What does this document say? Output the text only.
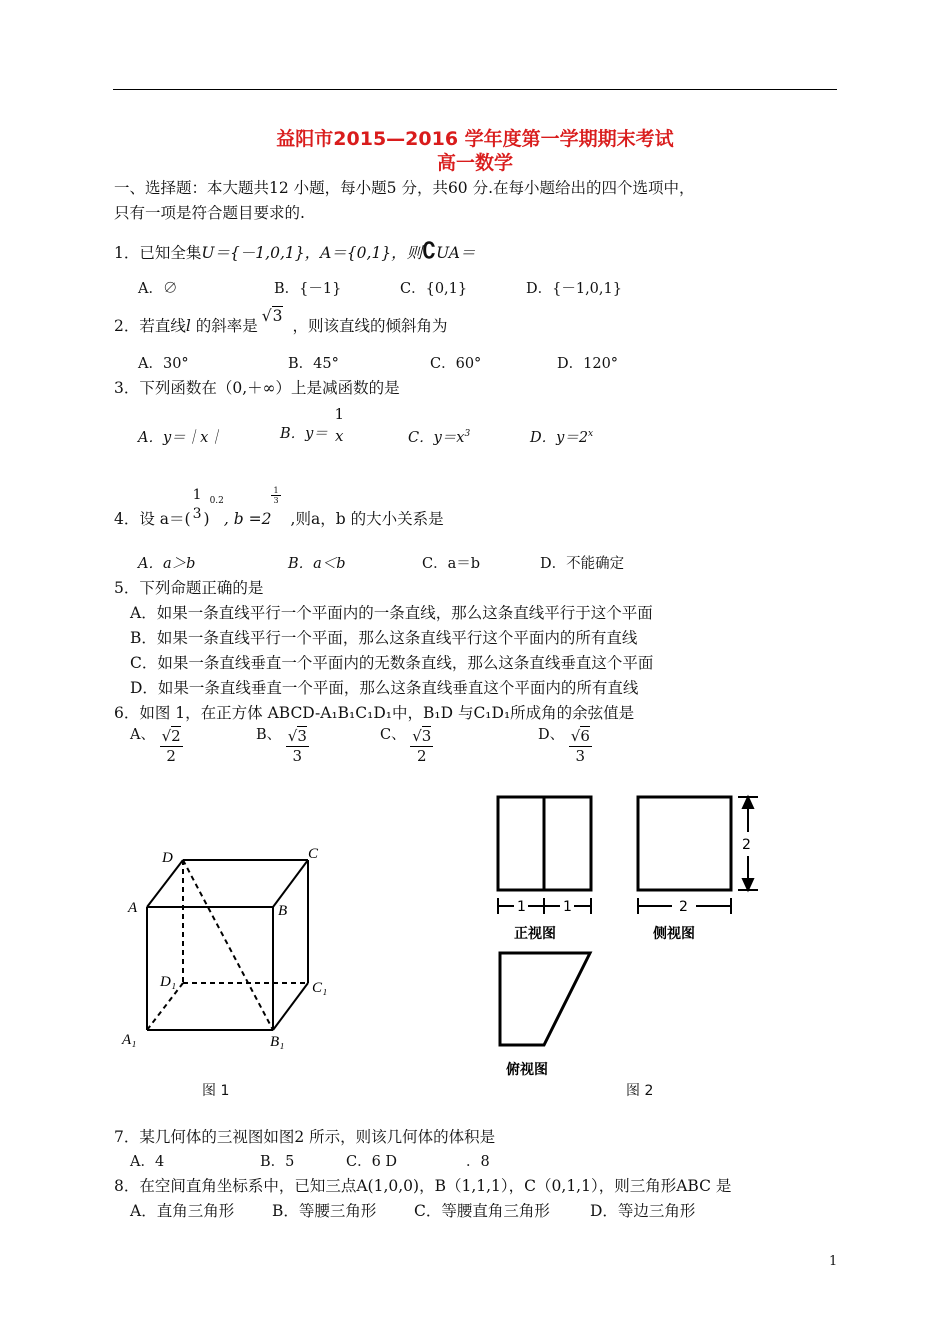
益阳市2015—2016 学年度第一学期期末考试
高一数学
一、选择题：本大题共12 小题，每小题5 分，共60 分.在每小题给出的四个选项中，
只有一项是符合题目要求的.
1．已知全集U＝{－1,0,1}，A＝{0,1}，则∁UA＝
A．∅	B．{－1}	C．{0,1}	D．{－1,0,1}
2．若直线l 的斜率是√3，则该直线的倾斜角为
A．30°	B．45°	C．60°	D．120°
3．下列函数在（0,＋∞）上是减函数的是
A．y＝｜x｜	B．y＝
1
x	C．$y=x^3$	D．$y=2^x$
4．设 a＝(
1
3 )$^{0.2}$, b =2
$\frac{1}{3}$
,则a，b 的大小关系是
A．a＞b	B．a＜b	C．a＝b	D．不能确定
5．下列命题正确的是
A．如果一条直线平行一个平面内的一条直线，那么这条直线平行于这个平面
B．如果一条直线平行一个平面，那么这条直线平行这个平面内的所有直线
C．如果一条直线垂直一个平面内的无数条直线，那么这条直线垂直这个平面
D．如果一条直线垂直一个平面，那么这条直线垂直这个平面内的所有直线
6．如图 1，在正方体 ABCD-A₁B₁C₁D₁中，B₁D 与C₁D₁所成角的余弦值是
A、 $\frac{√2}{2}$	B、 $\frac{√3}{3}$	C、 $\frac{√3}{2}$	D、 $\frac{√6}{3}$
D	C
A	B
D₁	C₁
A₁	B₁
图 1
1	1	2
2
正视图	侧视图
俯视图
图 2
7．某几何体的三视图如图2 所示，则该几何体的体积是
A．4	B．5	C．6 D	．8
8．在空间直角坐标系中，已知三点A(1,0,0)，B（1,1,1），C（0,1,1），则三角形ABC 是
A．直角三角形 B．等腰三角形 C．等腰直角三角形	D．等边三角形
1
